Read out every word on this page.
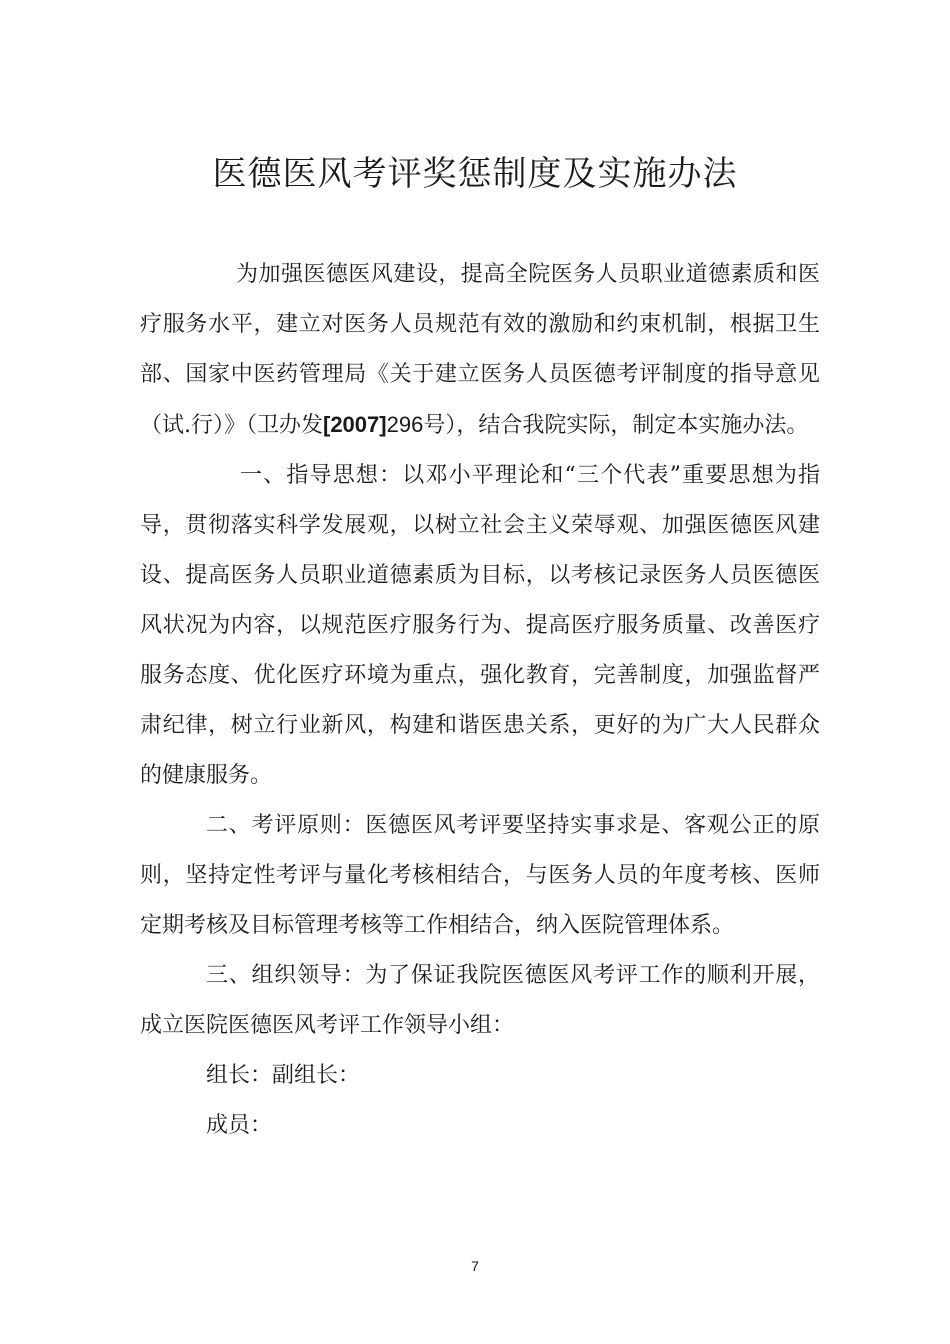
医德医风考评奖惩制度及实施办法

为加强医德医风建设，提高全院医务人员职业道德素质和医疗服务水平，建立对医务人员规范有效的激励和约束机制，根据卫生部、国家中医药管理局《关于建立医务人员医德考评制度的指导意见（试.行）》（卫办发[2007]296号），结合我院实际，制定本实施办法。

一、指导思想：以邓小平理论和“三个代表”重要思想为指导，贯彻落实科学发展观，以树立社会主义荣辱观、加强医德医风建设、提高医务人员职业道德素质为目标，以考核记录医务人员医德医风状况为内容，以规范医疗服务行为、提高医疗服务质量、改善医疗服务态度、优化医疗环境为重点，强化教育，完善制度，加强监督严肃纪律，树立行业新风，构建和谐医患关系，更好的为广大人民群众的健康服务。

二、考评原则：医德医风考评要坚持实事求是、客观公正的原则，坚持定性考评与量化考核相结合，与医务人员的年度考核、医师定期考核及目标管理考核等工作相结合，纳入医院管理体系。

三、组织领导：为了保证我院医德医风考评工作的顺利开展，成立医院医德医风考评工作领导小组：

组长：副组长：

成员：

7
